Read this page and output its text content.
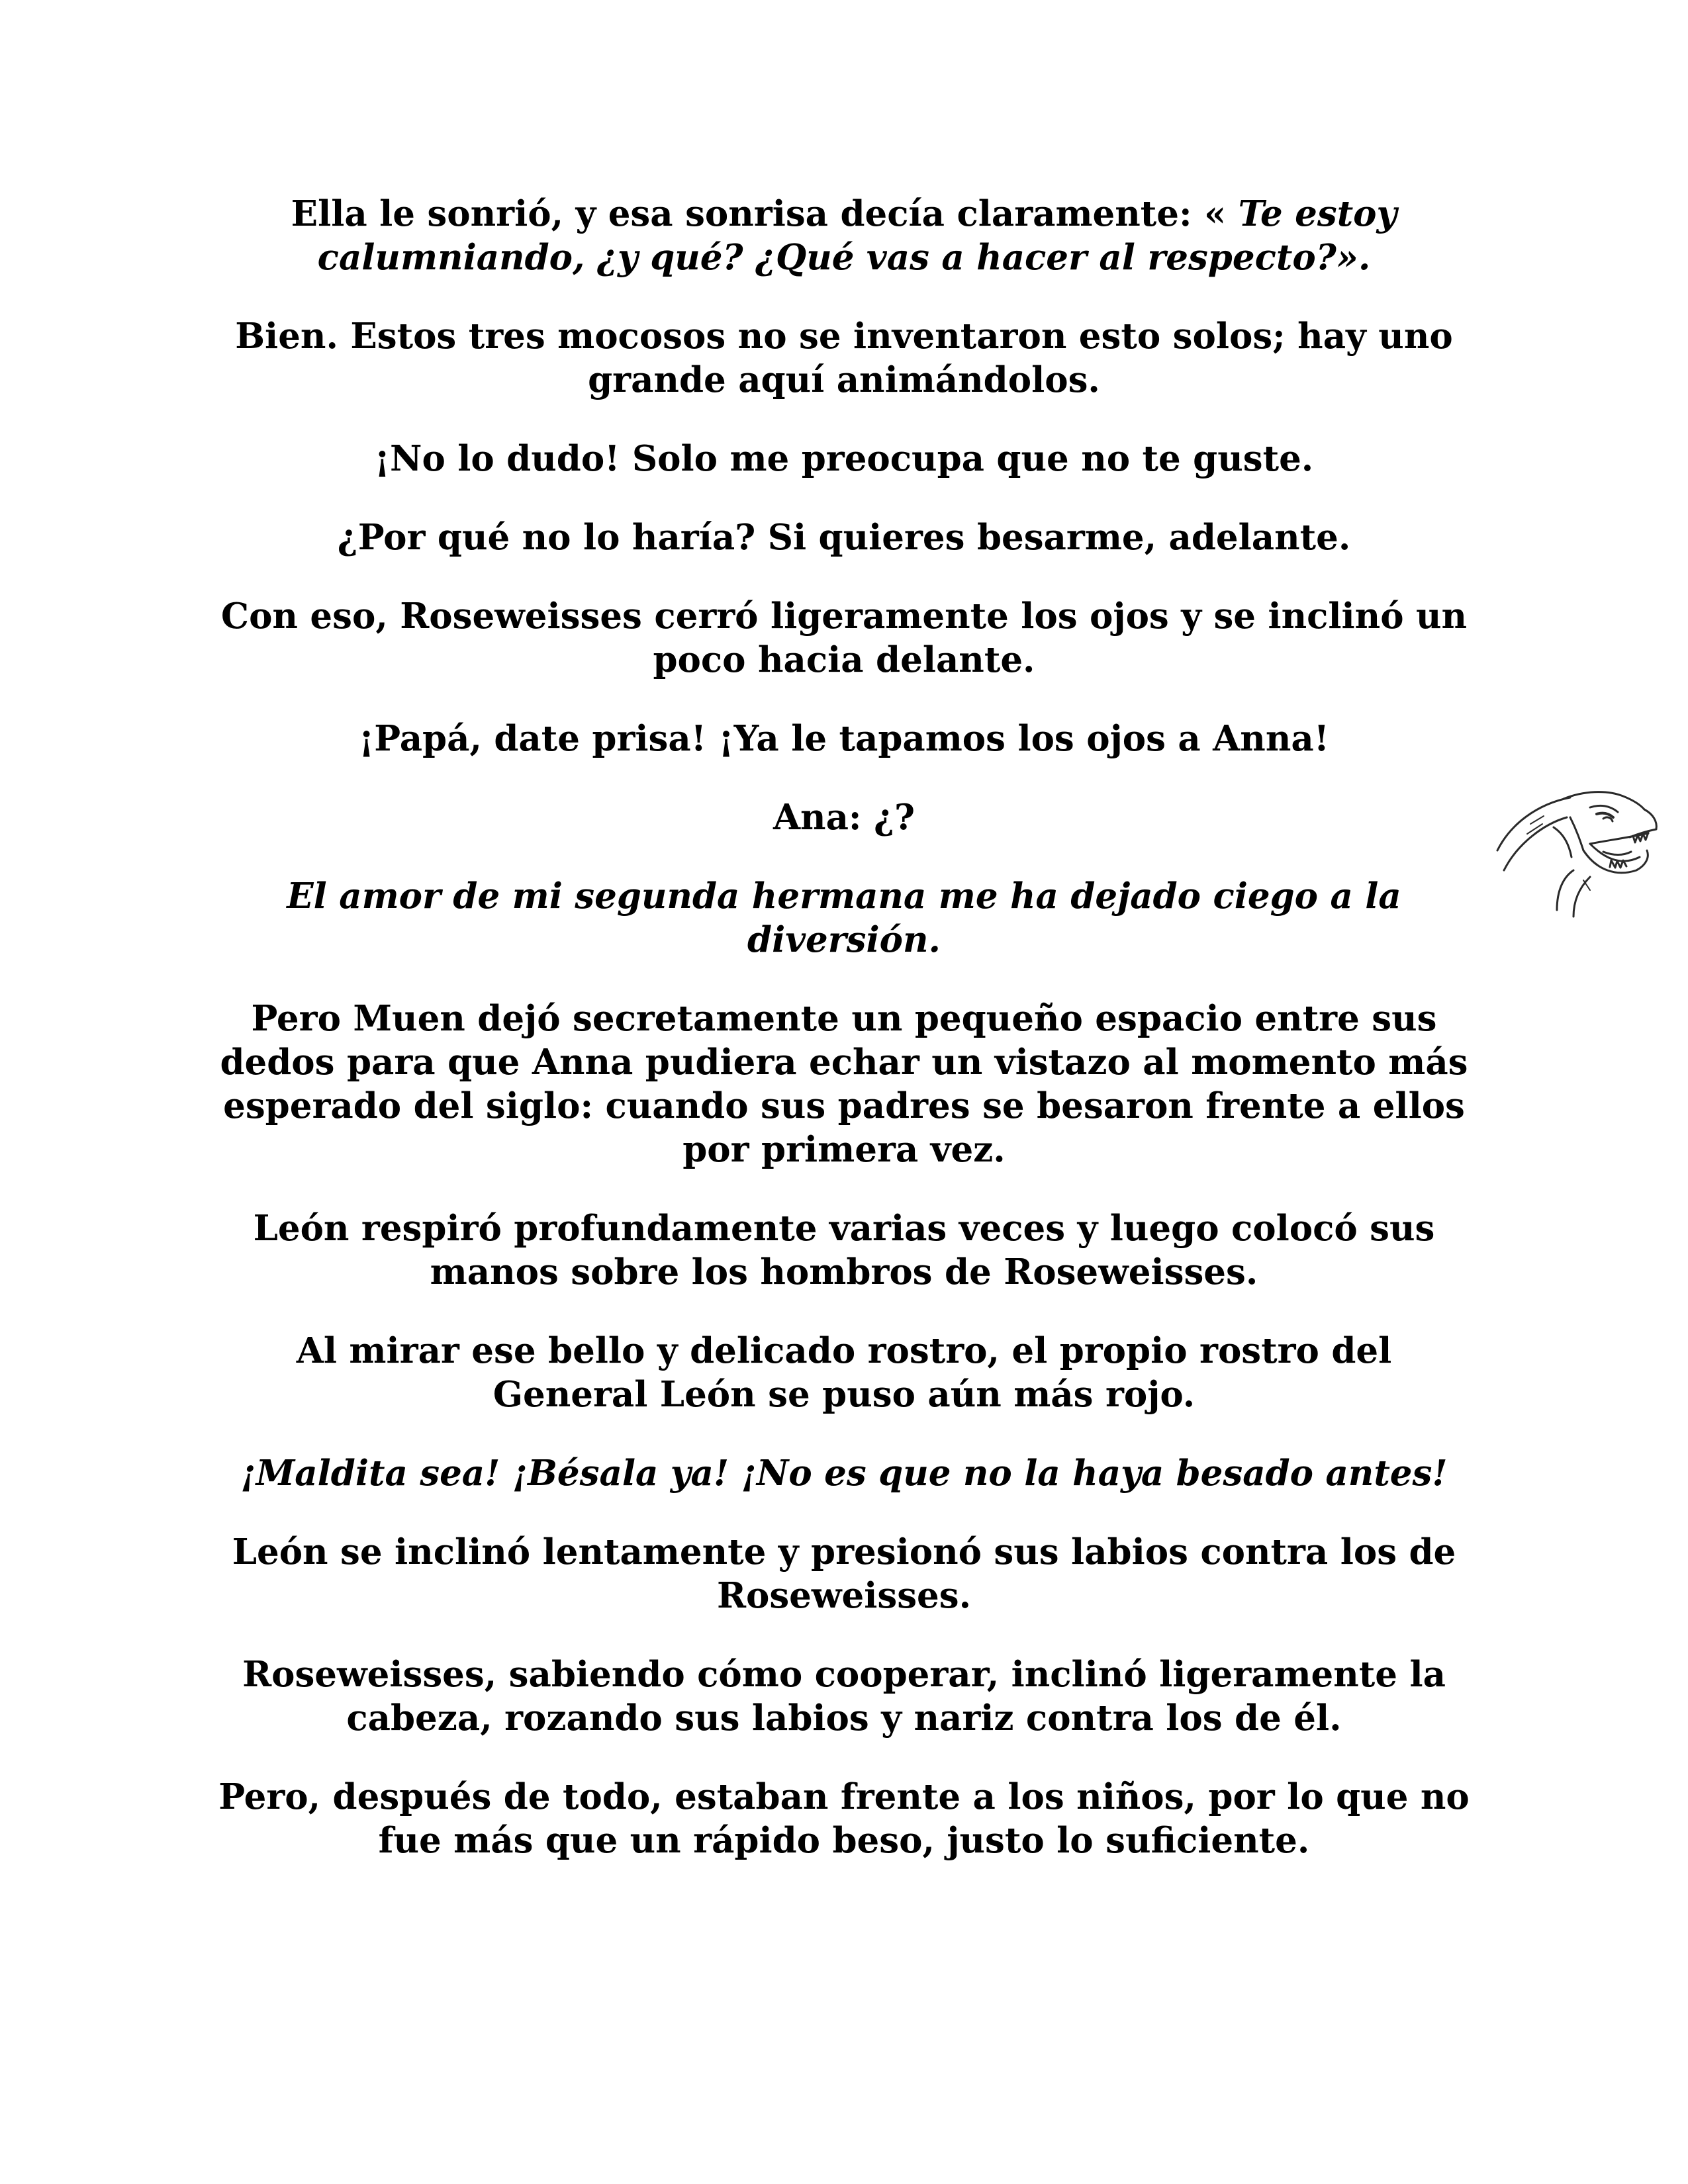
Ella le sonrió, y esa sonrisa decía claramente: « Te estoy calumniando, ¿y qué? ¿Qué vas a hacer al respecto?».

Bien. Estos tres mocosos no se inventaron esto solos; hay uno grande aquí animándolos.

¡No lo dudo! Solo me preocupa que no te guste.

¿Por qué no lo haría? Si quieres besarme, adelante.

Con eso, Roseweisses cerró ligeramente los ojos y se inclinó un poco hacia delante.

¡Papá, date prisa! ¡Ya le tapamos los ojos a Anna!

Ana: ¿?

El amor de mi segunda hermana me ha dejado ciego a la diversión.

Pero Muen dejó secretamente un pequeño espacio entre sus dedos para que Anna pudiera echar un vistazo al momento más esperado del siglo: cuando sus padres se besaron frente a ellos por primera vez.

León respiró profundamente varias veces y luego colocó sus manos sobre los hombros de Roseweisses.

Al mirar ese bello y delicado rostro, el propio rostro del General León se puso aún más rojo.

¡Maldita sea! ¡Bésala ya! ¡No es que no la haya besado antes!

León se inclinó lentamente y presionó sus labios contra los de Roseweisses.

Roseweisses, sabiendo cómo cooperar, inclinó ligeramente la cabeza, rozando sus labios y nariz contra los de él.

Pero, después de todo, estaban frente a los niños, por lo que no fue más que un rápido beso, justo lo suficiente.
